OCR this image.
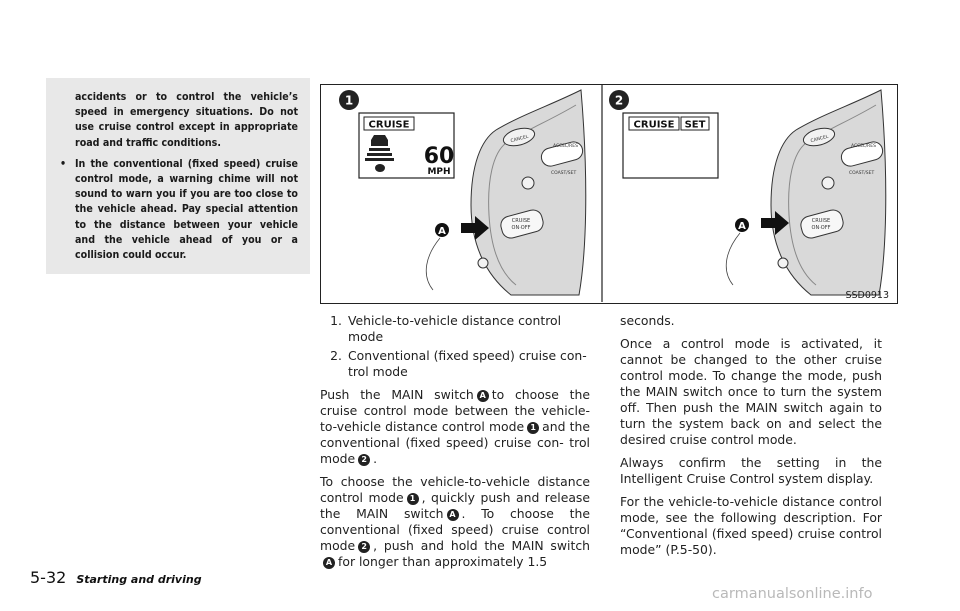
accidents or to control the vehicle’s speed in emergency situations. Do not use cruise control except in appropriate road and traffic conditions.

• In the conventional (fixed speed) cruise control mode, a warning chime will not sound to warn you if you are too close to the vehicle ahead. Pay special attention to the distance between your vehicle and the vehicle ahead of you or a collision could occur.
1
CRUISE
60
MPH
CANCEL
ACCEL/RES
COAST/SET
CRUISE
ON·OFF
A
2
CRUISE SET
CANCEL
ACCEL/RES
COAST/SET
CRUISE
ON·OFF
A
SSD0913
1. Vehicle-to-vehicle distance control mode
2. Conventional (fixed speed) cruise con- trol mode

Push the MAIN switch A to choose the cruise control mode between the vehicle-to-vehicle distance control mode 1 and the conventional (fixed speed) cruise con- trol mode 2 .

To choose the vehicle-to-vehicle distance control mode 1 , quickly push and release the MAIN switch A . To choose the conventional (fixed speed) cruise control mode 2 , push and hold the MAIN switchA for longer than approximately 1.5

seconds.

Once a control mode is activated, it cannot be changed to the other cruise control mode. To change the mode, push the MAIN switch once to turn the system off. Then push the MAIN switch again to turn the system back on and select the desired cruise control mode.

Always confirm the setting in the Intelligent Cruise Control system display.

For the vehicle-to-vehicle distance control mode, see the following description. For “Conventional (fixed speed) cruise control mode” (P.5-50).

5-32 Starting and driving
carmanualsonline.info
